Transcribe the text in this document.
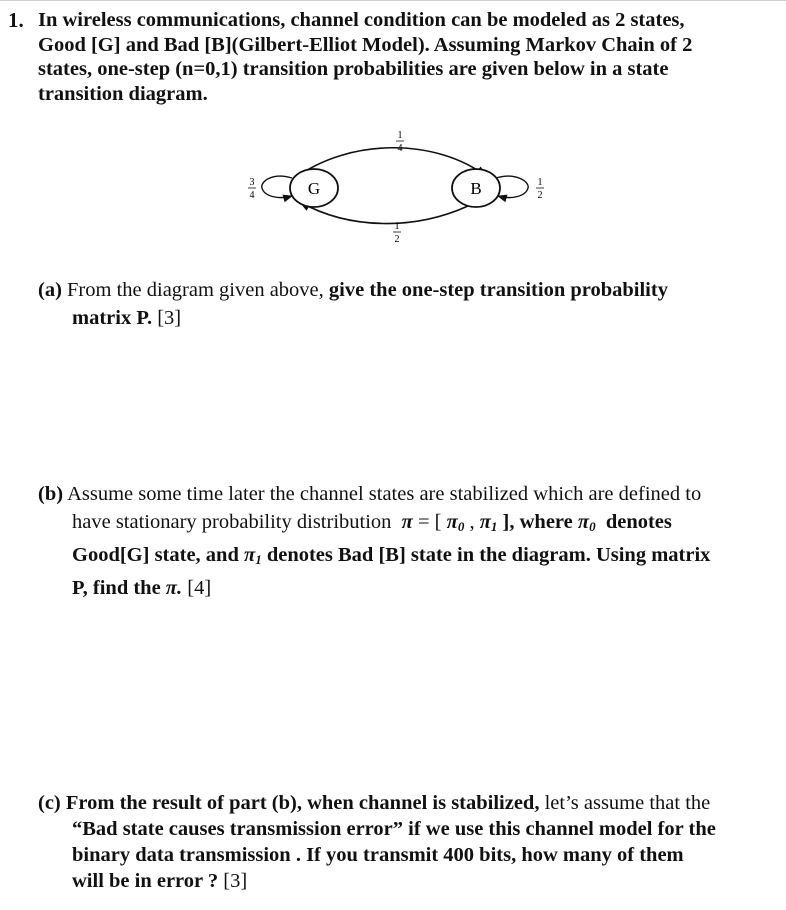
1. In wireless communications, channel condition can be modeled as 2 states,
Good [G] and Bad [B](Gilbert-Elliot Model). Assuming Markov Chain of 2
states, one-step (n=0,1) transition probabilities are given below in a state
transition diagram.
G	B
1
4
1
2
3
4
1
2
(a) From the diagram given above, give the one-step transition probability
matrix P. [3]
(b) Assume some time later the channel states are stabilized which are defined to
have stationary probability distribution π = [ $\pi_0$ , $\pi_1$ ], where $\pi_0$ denotes
Good[G] state, and $\pi_1$ denotes Bad [B] state in the diagram. Using matrix
P, find the π. [4]
(c) From the result of part (b), when channel is stabilized, let’s assume that the
“Bad state causes transmission error” if we use this channel model for the
binary data transmission . If you transmit 400 bits, how many of them
will be in error ? [3]
